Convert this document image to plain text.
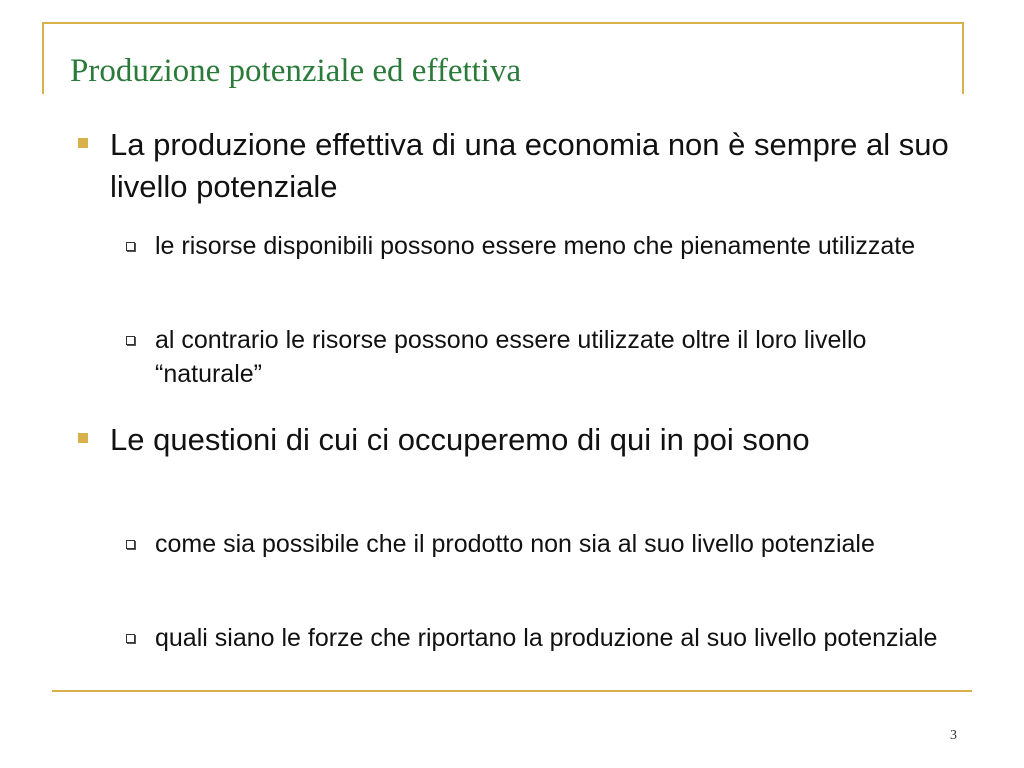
Produzione potenziale ed effettiva
La produzione effettiva di una economia non è sempre al suo livello potenziale
le risorse disponibili possono essere meno che pienamente utilizzate
al contrario le risorse possono essere utilizzate oltre il loro livello “naturale”
Le questioni di cui ci occuperemo di qui in poi sono
come sia possibile che il prodotto non sia al suo livello potenziale
quali siano le forze che riportano la produzione al suo livello potenziale
3
